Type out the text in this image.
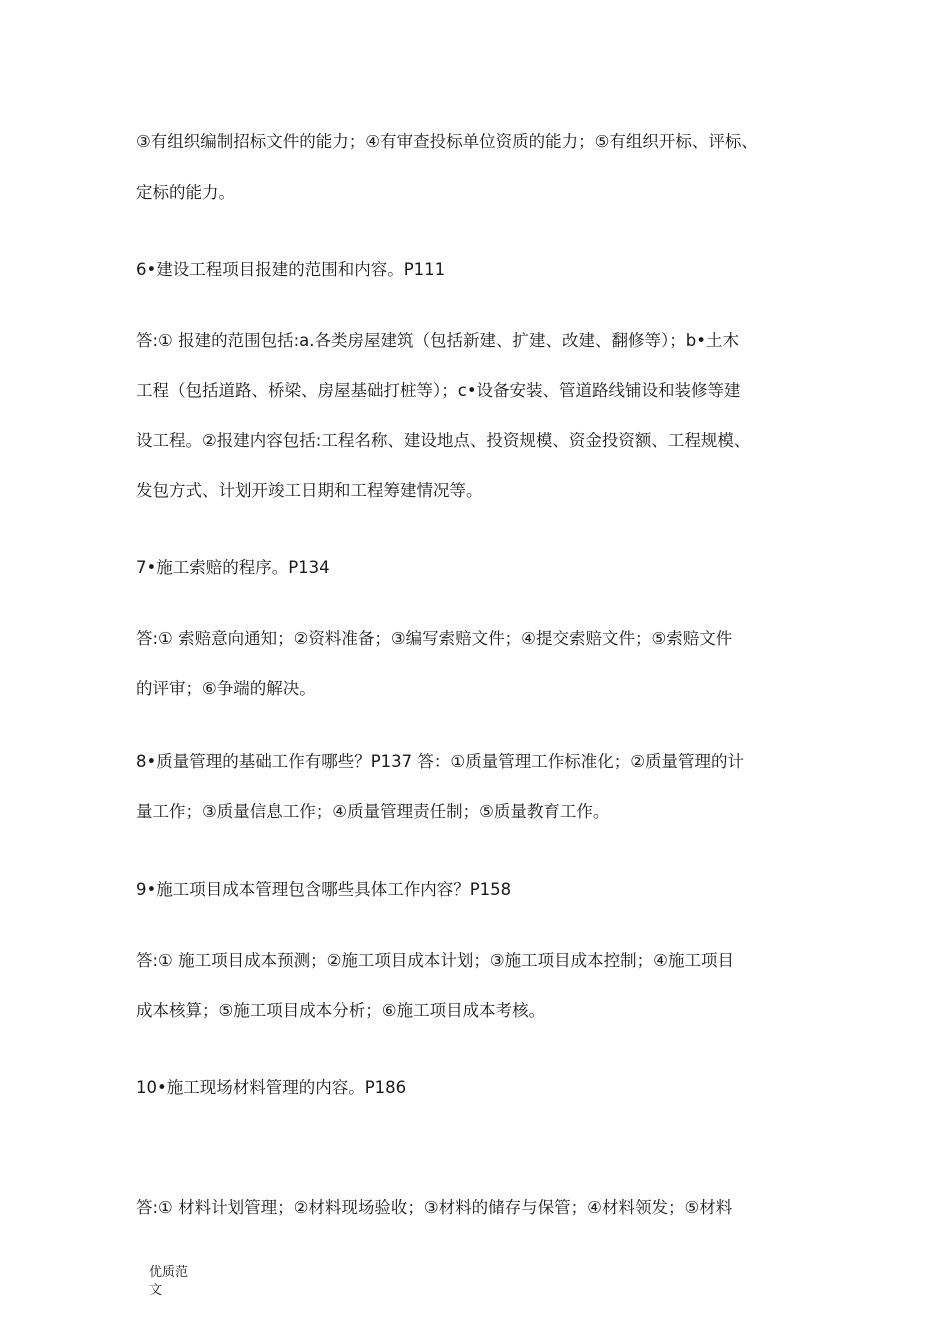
③有组织编制招标文件的能力；④有审查投标单位资质的能力；⑤有组织开标、评标、
定标的能力。
6•建设工程项目报建的范围和内容。P111
答:① 报建的范围包括:a.各类房屋建筑（包括新建、扩建、改建、翻修等）；b•土木
工程（包括道路、桥梁、房屋基础打桩等）；c•设备安装、管道路线铺设和装修等建
设工程。②报建内容包括:工程名称、建设地点、投资规模、资金投资额、工程规模、
发包方式、计划开竣工日期和工程筹建情况等。
7•施工索赔的程序。P134
答:① 索赔意向通知；②资料准备；③编写索赔文件；④提交索赔文件；⑤索赔文件
的评审；⑥争端的解决。
8•质量管理的基础工作有哪些？P137 答：①质量管理工作标准化；②质量管理的计
量工作；③质量信息工作；④质量管理责任制；⑤质量教育工作。
9•施工项目成本管理包含哪些具体工作内容？P158
答:① 施工项目成本预测；②施工项目成本计划；③施工项目成本控制；④施工项目
成本核算；⑤施工项目成本分析；⑥施工项目成本考核。
10•施工现场材料管理的内容。P186
答:① 材料计划管理；②材料现场验收；③材料的储存与保管；④材料领发；⑤材料
优质范
文
